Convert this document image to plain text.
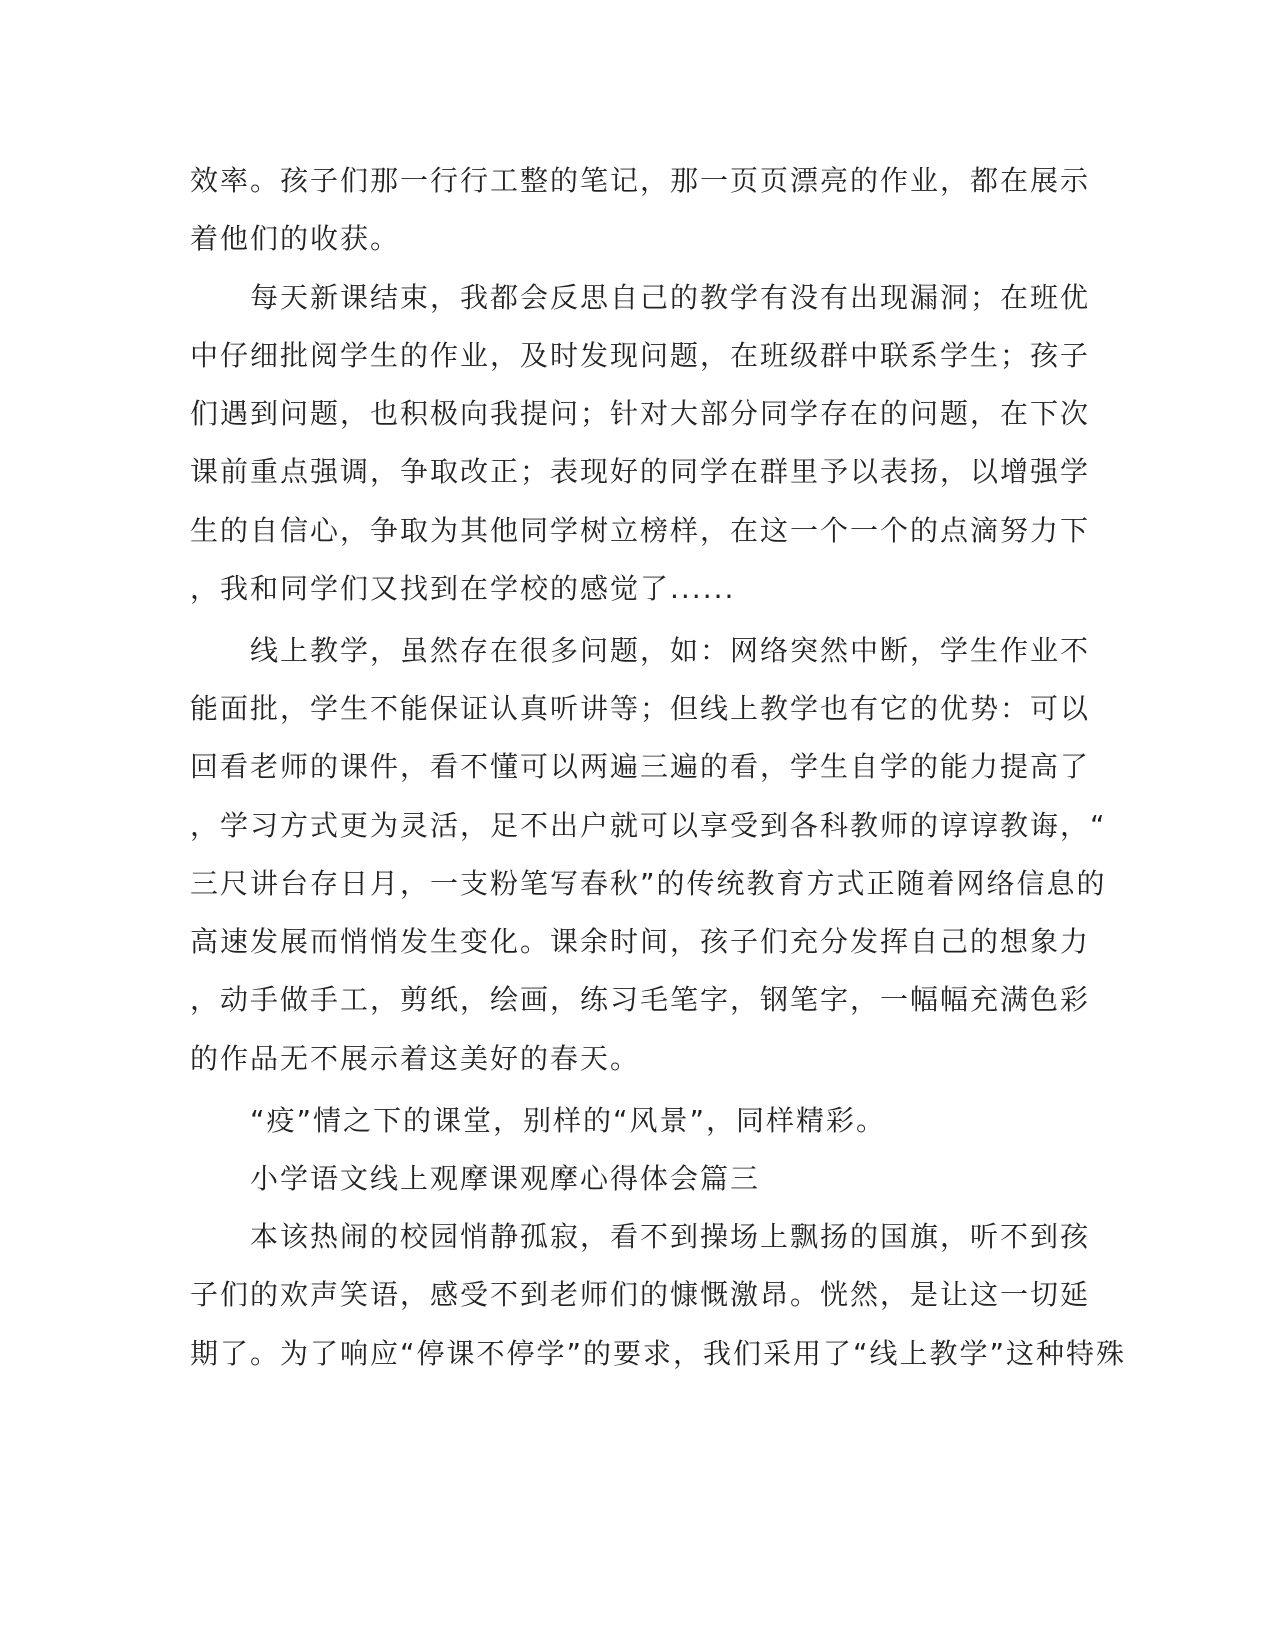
效率。孩子们那一行行工整的笔记，那一页页漂亮的作业，都在展示
着他们的收获。
　　每天新课结束，我都会反思自己的教学有没有出现漏洞；在班优
中仔细批阅学生的作业，及时发现问题，在班级群中联系学生；孩子
们遇到问题，也积极向我提问；针对大部分同学存在的问题，在下次
课前重点强调，争取改正；表现好的同学在群里予以表扬，以增强学
生的自信心，争取为其他同学树立榜样，在这一个一个的点滴努力下
，我和同学们又找到在学校的感觉了......
　　线上教学，虽然存在很多问题，如：网络突然中断，学生作业不
能面批，学生不能保证认真听讲等；但线上教学也有它的优势：可以
回看老师的课件，看不懂可以两遍三遍的看，学生自学的能力提高了
，学习方式更为灵活，足不出户就可以享受到各科教师的谆谆教诲，“
三尺讲台存日月，一支粉笔写春秋”的传统教育方式正随着网络信息的
高速发展而悄悄发生变化。课余时间，孩子们充分发挥自己的想象力
，动手做手工，剪纸，绘画，练习毛笔字，钢笔字，一幅幅充满色彩
的作品无不展示着这美好的春天。
　　“疫”情之下的课堂，别样的“风景”，同样精彩。
　　小学语文线上观摩课观摩心得体会篇三
　　本该热闹的校园悄静孤寂，看不到操场上飘扬的国旗，听不到孩
子们的欢声笑语，感受不到老师们的慷慨激昂。恍然，是让这一切延
期了。为了响应“停课不停学”的要求，我们采用了“线上教学”这种特殊
